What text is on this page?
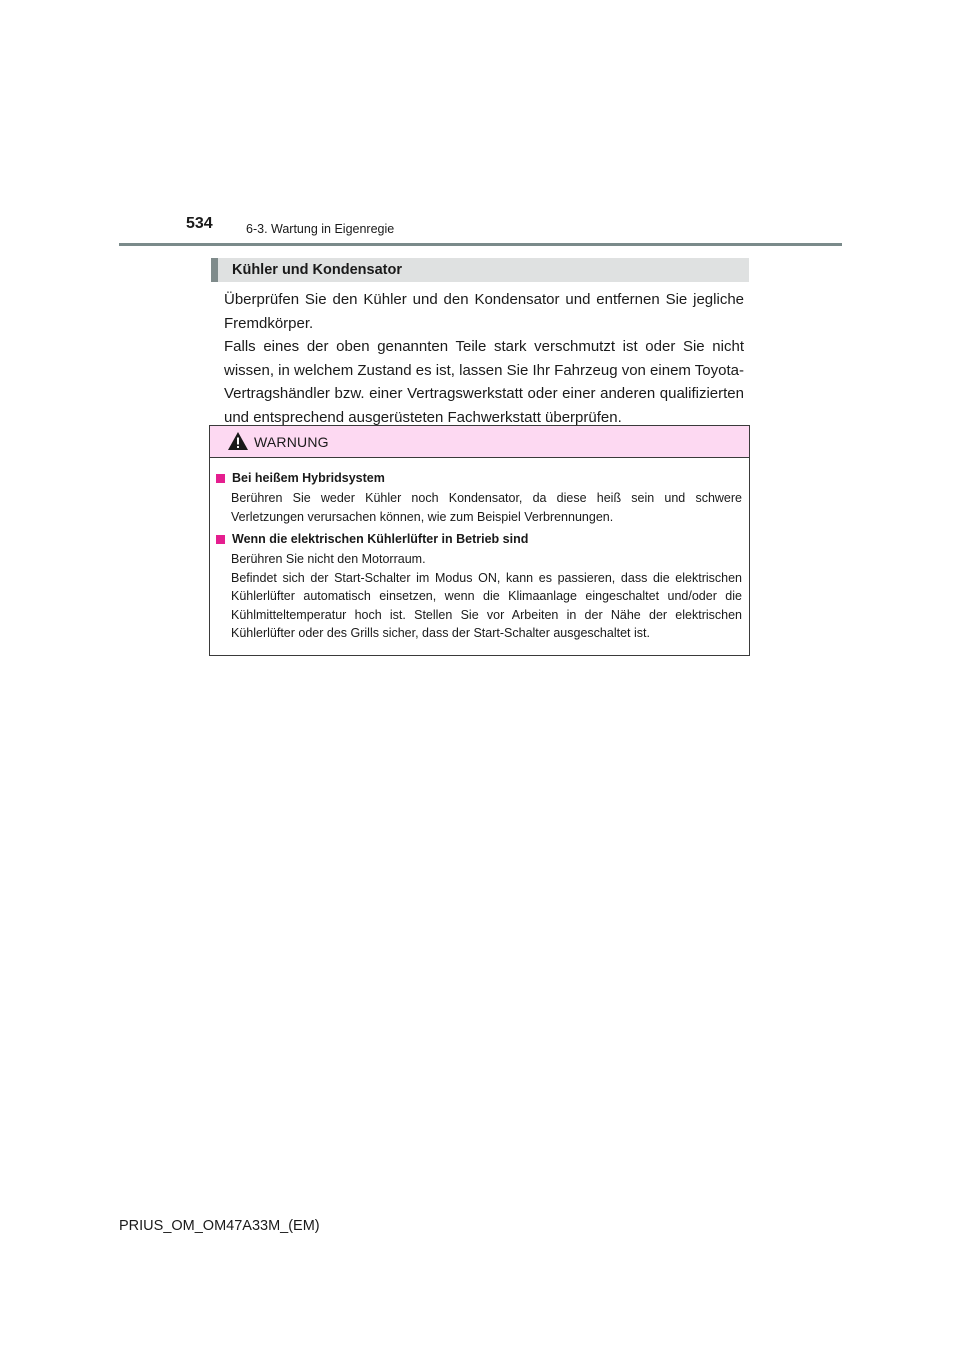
534	6-3. Wartung in Eigenregie
Kühler und Kondensator

Überprüfen Sie den Kühler und den Kondensator und entfernen Sie jegliche Fremdkörper.

Falls eines der oben genannten Teile stark verschmutzt ist oder Sie nicht wissen, in welchem Zustand es ist, lassen Sie Ihr Fahrzeug von einem Toyota-Vertragshändler bzw. einer Vertragswerkstatt oder einer anderen qualifizierten und entsprechend ausgerüsteten Fachwerkstatt überprüfen.

WARNUNG
Bei heißem Hybridsystem

Berühren Sie weder Kühler noch Kondensator, da diese heiß sein und schwere Verletzungen verursachen können, wie zum Beispiel Verbrennungen.

Wenn die elektrischen Kühlerlüfter in Betrieb sind

Berühren Sie nicht den Motorraum.

Befindet sich der Start-Schalter im Modus ON, kann es passieren, dass die elektrischen Kühlerlüfter automatisch einsetzen, wenn die Klimaanlage eingeschaltet und/oder die Kühlmitteltemperatur hoch ist. Stellen Sie vor Arbeiten in der Nähe der elektrischen Kühlerlüfter oder des Grills sicher, dass der Start-Schalter ausgeschaltet ist.

PRIUS_OM_OM47A33M_(EM)
